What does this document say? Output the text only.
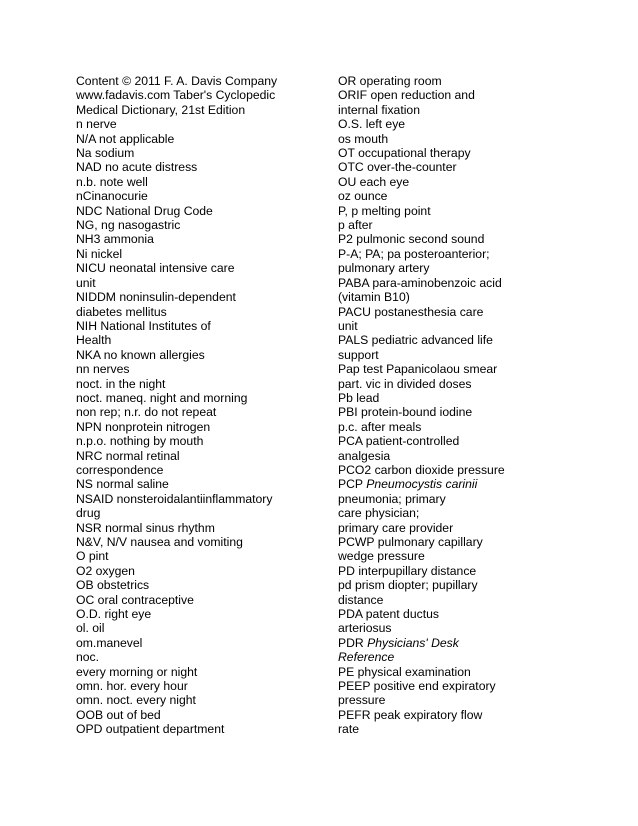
Content © 2011 F. A. Davis Company
www.fadavis.com Taber's Cyclopedic
Medical Dictionary, 21st Edition
n nerve
N/A not applicable
Na sodium
NAD no acute distress
n.b. note well
nCinanocurie
NDC National Drug Code
NG, ng nasogastric
NH3 ammonia
Ni nickel
NICU neonatal intensive care
unit
NIDDM noninsulin-dependent
diabetes mellitus
NIH National Institutes of
Health
NKA no known allergies
nn nerves
noct. in the night
noct. maneq. night and morning
non rep; n.r. do not repeat
NPN nonprotein nitrogen
n.p.o. nothing by mouth
NRC normal retinal
correspondence
NS normal saline
NSAID nonsteroidalantiinflammatory
drug
NSR normal sinus rhythm
N&V, N/V nausea and vomiting
O pint
O2 oxygen
OB obstetrics
OC oral contraceptive
O.D. right eye
ol. oil
om.manevel
noc.
every morning or night
omn. hor. every hour
omn. noct. every night
OOB out of bed
OPD outpatient department
OR operating room
ORIF open reduction and
internal fixation
O.S. left eye
os mouth
OT occupational therapy
OTC over-the-counter
OU each eye
oz ounce
P, p melting point
p after
P2 pulmonic second sound
P-A; PA; pa posteroanterior;
pulmonary artery
PABA para-aminobenzoic acid
(vitamin B10)
PACU postanesthesia care
unit
PALS pediatric advanced life
support
Pap test Papanicolaou smear
part. vic in divided doses
Pb lead
PBI protein-bound iodine
p.c. after meals
PCA patient-controlled
analgesia
PCO2 carbon dioxide pressure
PCP Pneumocystis carinii
pneumonia; primary
care physician;
primary care provider
PCWP pulmonary capillary
wedge pressure
PD interpupillary distance
pd prism diopter; pupillary
distance
PDA patent ductus
arteriosus
PDR Physicians' Desk
Reference
PE physical examination
PEEP positive end expiratory
pressure
PEFR peak expiratory flow
rate
